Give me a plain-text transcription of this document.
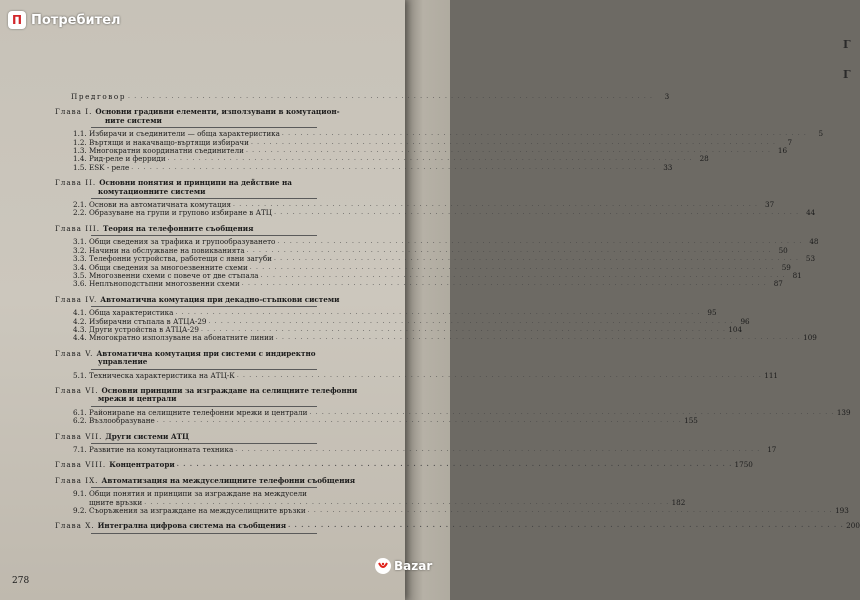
Г
Г
П Потребител
Предговор . . .	3
Глава I. Основни градивни елементи, използувани в комутацион-
ните системи
1.1. Избирачи и съединители — обща характеристика . . .	5
1.2. Въртящи и накачващо-въртящи избирачи . . .	7
1.3. Многократни координатни съединители . . .	16
1.4. Рид-реле и ферриди . . .	28
1.5. ESK - реле . . .	33
Глава II. Основни понятия и принципи на действие на
комутационните системи
2.1. Основи на автоматичната комутация . . .	37
2.2. Образуване на групи и групово избиране в АТЦ . . .	44
Глава III. Теория на телефонните съобщения
3.1. Общи сведения за трафика и групообразуването . . .	48
3.2. Начини на обслужване на повикванията . . .	50
3.3. Телефонни устройства, работещи с явни загуби . . .	53
3.4. Общи сведения за многоезвенните схеми . . .	59
3.5. Многозвенни схеми с повече от две стъпала . . .	81
3.6. Неплъноподстъпни многозвенни схеми . . .	87
Глава IV. Автоматична комутация при декадно-стъпкови системи
4.1. Обща характеристика . . .	95
4.2. Избирачни стъпала в АТЦА-29 . . .	96
4.3. Други устройства в АТЦА-29 . . .	104
4.4. Многократно използуване на абонатните линии . . .	109
Глава V. Автоматична комутация при системи с индиректно
управление
5.1. Техническа характеристика на АТЦ-К . . .	111
Глава VI. Основни принципи за изграждане на селищните телефонни
мрежи и централи
6.1. Районирane на селищните телефонни мрежи и централи . . .	139
6.2. Възлообразуване . . .	155
Глава VII. Други системи АТЦ
7.1. Развитие на комутационната техника . . .	17
Глава VIII. Концентратори . . .	1750
Глава IX. Автоматизация на междуселищните телефонни съобщения
9.1. Общи понятия и принципи за изграждане на междусели
щните връзки . . .	182
9.2. Съоръжения за изграждане на междуселищните връзки . . .	193
Глава X. Интегрална цифрова система на съобщения . . .	200
278
Bazar
